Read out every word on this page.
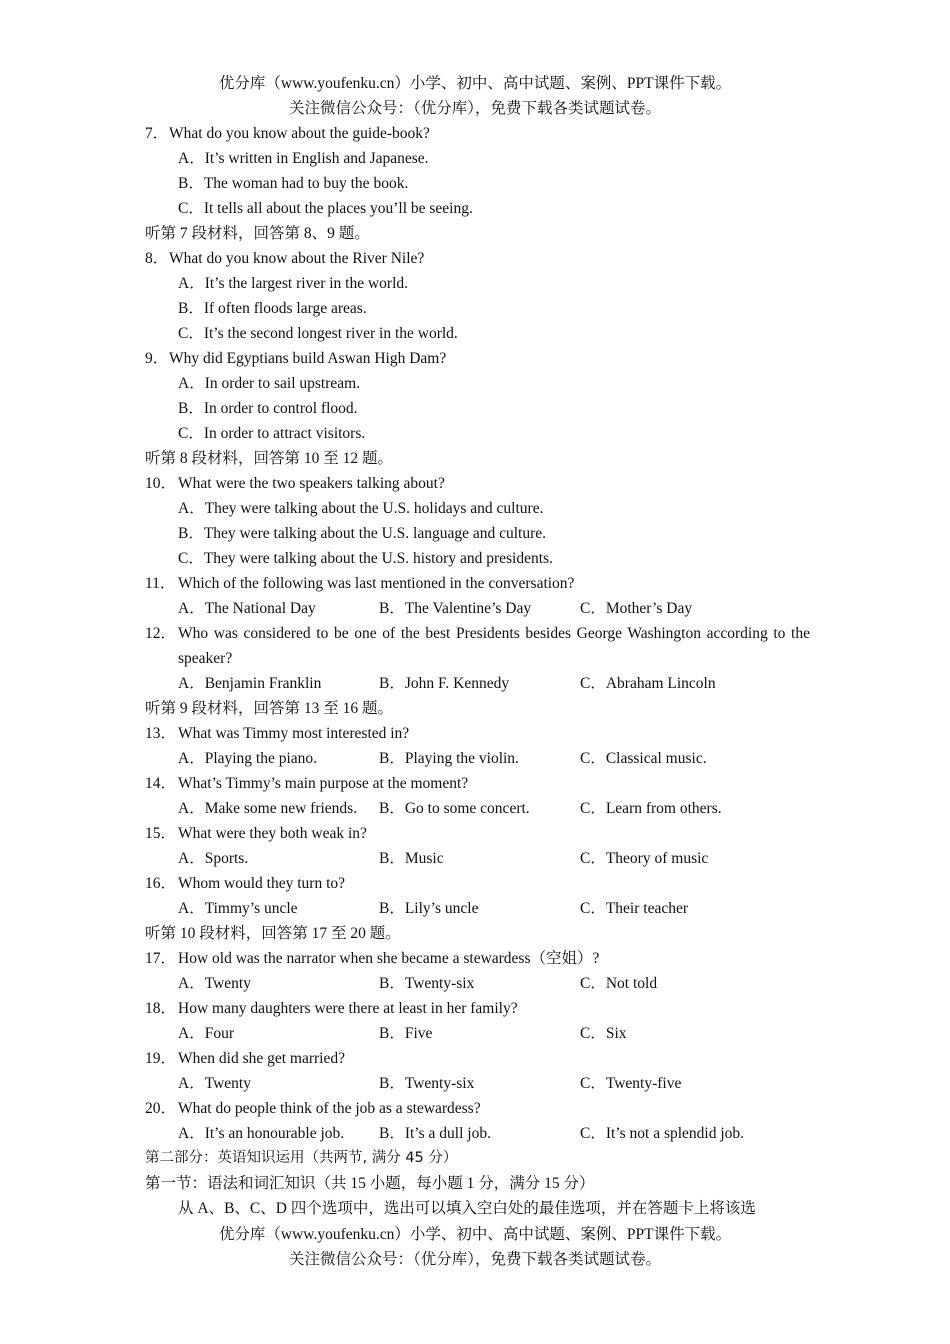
优分库（www.youfenku.cn）小学、初中、高中试题、案例、PPT课件下载。
关注微信公众号：（优分库），免费下载各类试题试卷。
7． What do you know about the guide-book?
A．It’s written in English and Japanese.
B．The woman had to buy the book.
C．It tells all about the places you’ll be seeing.
听第 7 段材料，回答第 8、9 题。
8． What do you know about the River Nile?
A．It’s the largest river in the world.
B．If often floods large areas.
C．It’s the second longest river in the world.
9． Why did Egyptians build Aswan High Dam?
A．In order to sail upstream.
B．In order to control flood.
C．In order to attract visitors.
听第 8 段材料，回答第 10 至 12 题。
10． What were the two speakers talking about?
A．They were talking about the U.S. holidays and culture.
B．They were talking about the U.S. language and culture.
C．They were talking about the U.S. history and presidents.
11． Which of the following was last mentioned in the conversation?
A．The National Day	B．The Valentine’s Day	C．Mother’s Day
12． Who was considered to be one of the best Presidents besides George Washington according to the speaker?
A．Benjamin Franklin	B．John F. Kennedy	C．Abraham Lincoln
听第 9 段材料，回答第 13 至 16 题。
13． What was Timmy most interested in?
A．Playing the piano.	B．Playing the violin.	C．Classical music.
14． What’s Timmy’s main purpose at the moment?
A．Make some new friends.	B．Go to some concert.	C．Learn from others.
15． What were they both weak in?
A．Sports.	B．Music	C．Theory of music
16． Whom would they turn to?
A．Timmy’s uncle	B．Lily’s uncle	C．Their teacher
听第 10 段材料，回答第 17 至 20 题。
17． How old was the narrator when she became a stewardess（空姐）?
A．Twenty	B．Twenty-six	C．Not told
18． How many daughters were there at least in her family?
A．Four	B．Five	C．Six
19． When did she get married?
A．Twenty	B．Twenty-six	C．Twenty-five
20． What do people think of the job as a stewardess?
A．It’s an honourable job.	B．It’s a dull job.	C．It’s not a splendid job.
第二部分：英语知识运用（共两节, 满分 45 分）
第一节：语法和词汇知识（共 15 小题，每小题 1 分，满分 15 分）
从 A、B、C、D 四个选项中，选出可以填入空白处的最佳选项，并在答题卡上将该选
优分库（www.youfenku.cn）小学、初中、高中试题、案例、PPT课件下载。
关注微信公众号：（优分库），免费下载各类试题试卷。
